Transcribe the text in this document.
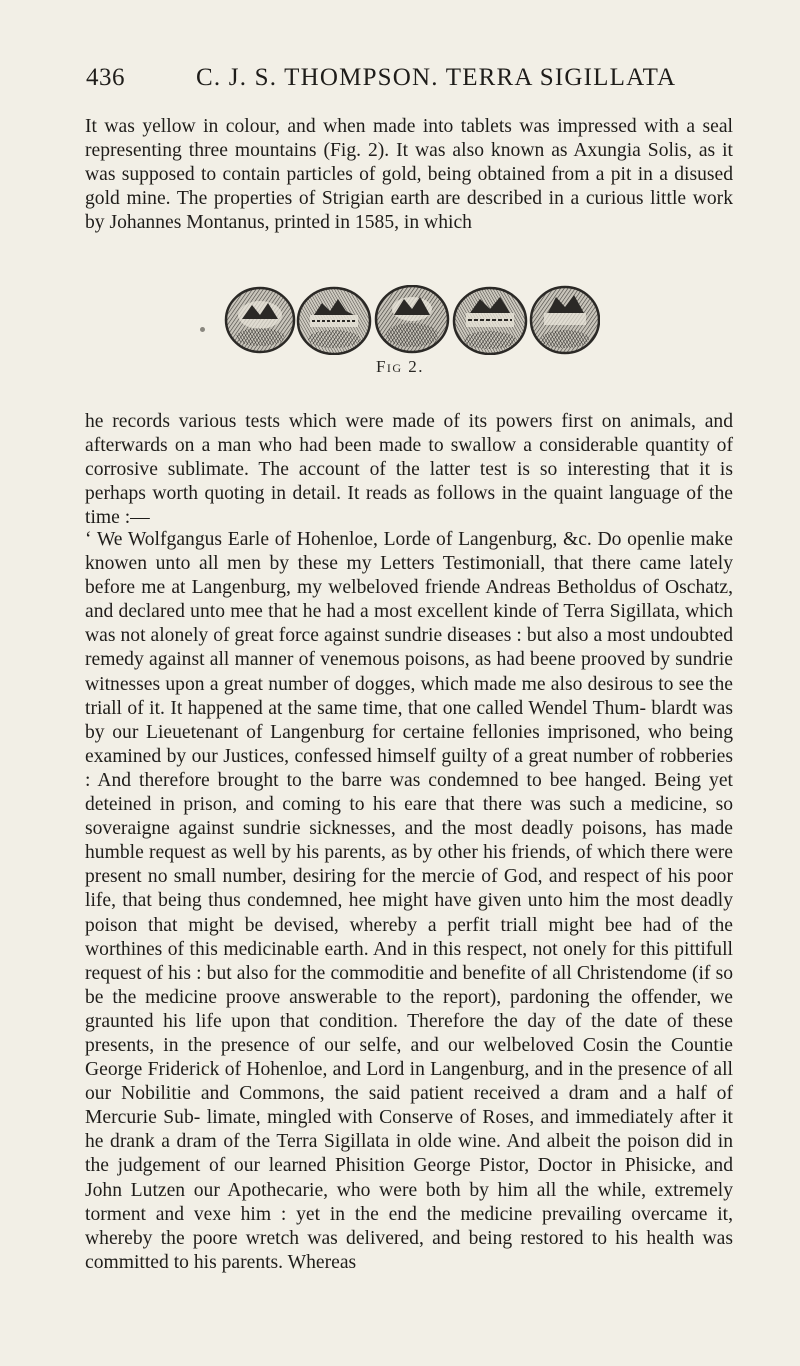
436	C. J. S. THOMPSON. TERRA SIGILLATA

It was yellow in colour, and when made into tablets was impressed with a seal representing three mountains (Fig. 2). It was also known as Axungia Solis, as it was supposed to contain particles of gold, being obtained from a pit in a disused gold mine. The properties of Strigian earth are described in a curious little work by Johannes Montanus, printed in 1585, in which

Fig 2.

he records various tests which were made of its powers first on animals, and afterwards on a man who had been made to swallow a considerable quantity of corrosive sublimate. The account of the latter test is so interesting that it is perhaps worth quoting in detail. It reads as follows in the quaint language of the time :—

‘ We Wolfgangus Earle of Hohenloe, Lorde of Langenburg, &c. Do openlie make knowen unto all men by these my Letters Testimoniall, that there came lately before me at Langenburg, my welbeloved friende Andreas Betholdus of Oschatz, and declared unto mee that he had a most excellent kinde of Terra Sigillata, which was not alonely of great force against sundrie diseases : but also a most undoubted remedy against all manner of venemous poisons, as had beene prooved by sundrie witnesses upon a great number of dogges, which made me also desirous to see the triall of it. It happened at the same time, that one called Wendel Thum- blardt was by our Lieuetenant of Langenburg for certaine fellonies imprisoned, who being examined by our Justices, confessed himself guilty of a great number of robberies : And therefore brought to the barre was condemned to bee hanged. Being yet deteined in prison, and coming to his eare that there was such a medicine, so soveraigne against sundrie sicknesses, and the most deadly poisons, has made humble request as well by his parents, as by other his friends, of which there were present no small number, desiring for the mercie of God, and respect of his poor life, that being thus condemned, hee might have given unto him the most deadly poison that might be devised, whereby a perfit triall might bee had of the worthines of this medicinable earth. And in this respect, not onely for this pittifull request of his : but also for the commoditie and benefite of all Christendome (if so be the medicine proove answerable to the report), pardoning the offender, we graunted his life upon that condition. Therefore the day of the date of these presents, in the presence of our selfe, and our welbeloved Cosin the Countie George Friderick of Hohenloe, and Lord in Langenburg, and in the presence of all our Nobilitie and Commons, the said patient received a dram and a half of Mercurie Sub- limate, mingled with Conserve of Roses, and immediately after it he drank a dram of the Terra Sigillata in olde wine. And albeit the poison did in the judgement of our learned Phisition George Pistor, Doctor in Phisicke, and John Lutzen our Apothecarie, who were both by him all the while, extremely torment and vexe him : yet in the end the medicine prevailing overcame it, whereby the poore wretch was delivered, and being restored to his health was committed to his parents. Whereas
